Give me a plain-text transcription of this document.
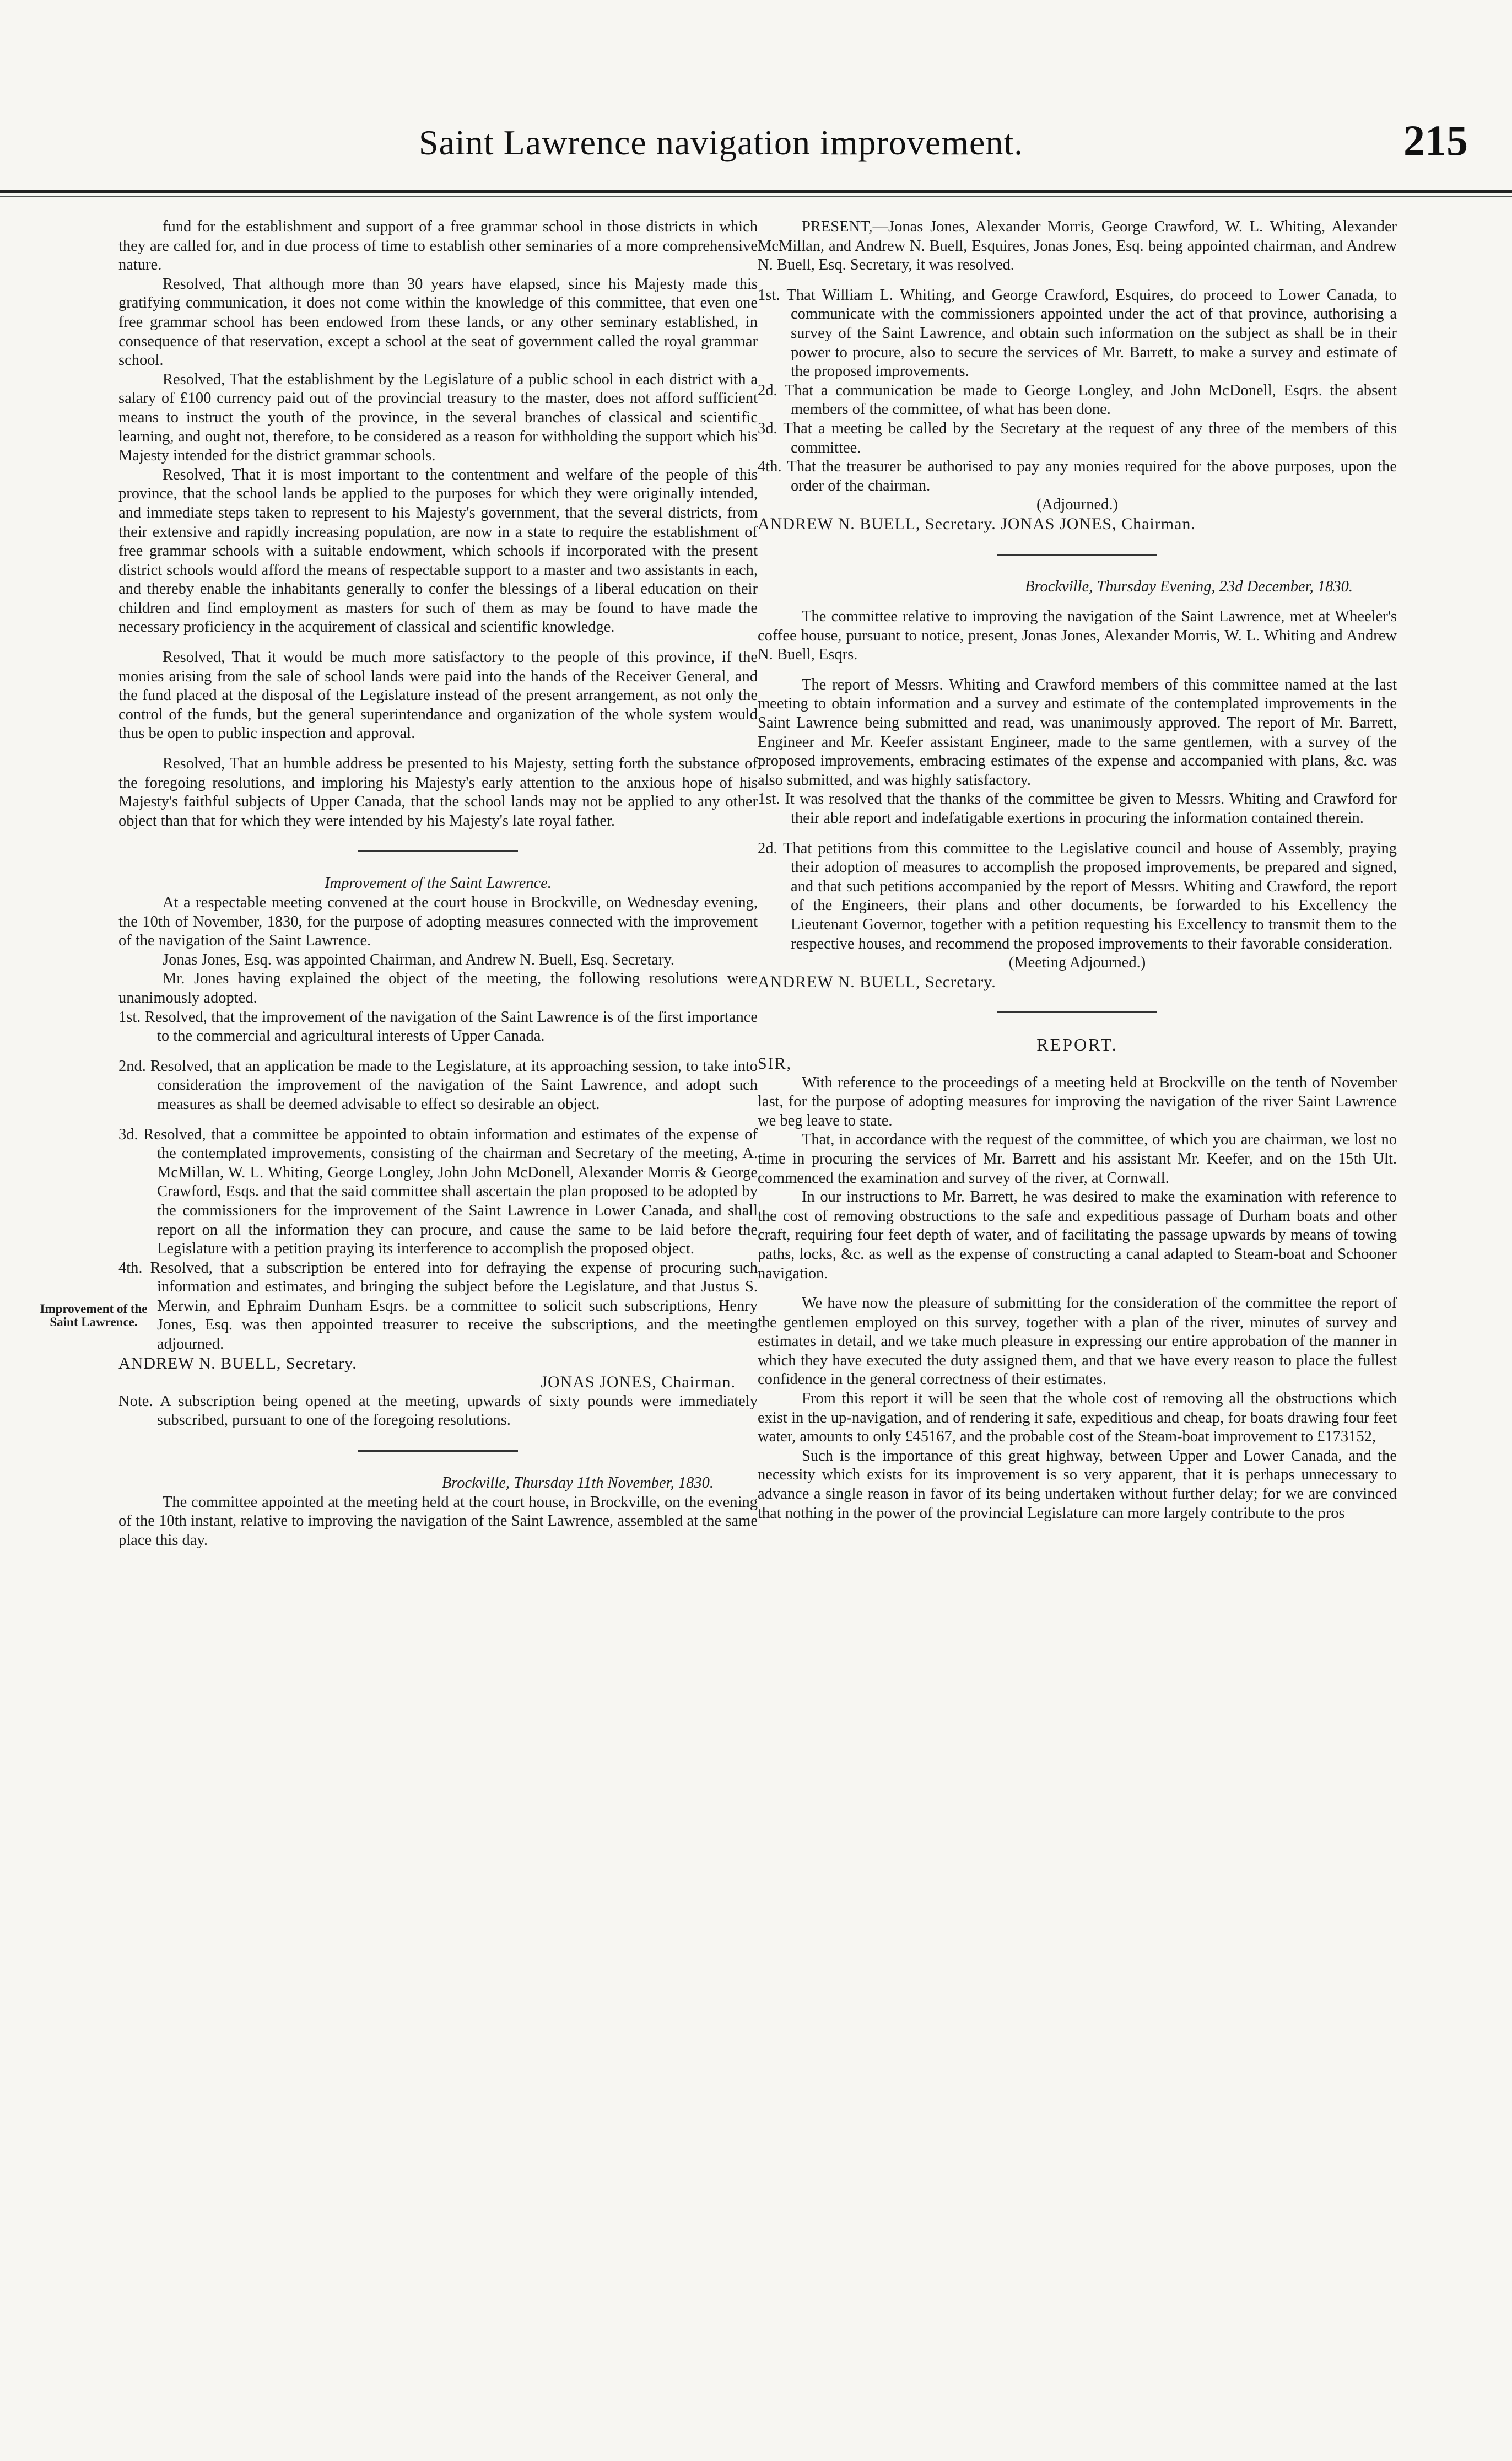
Saint Lawrence navigation improvement.	215
Improvement of the Saint Lawrence.

fund for the establishment and support of a free grammar school in those districts in which they are called for, and in due process of time to establish other seminaries of a more comprehensive nature.

Resolved, That although more than 30 years have elapsed, since his Majesty made this gratifying communication, it does not come within the knowledge of this committee, that even one free grammar school has been endowed from these lands, or any other seminary established, in consequence of that reservation, except a school at the seat of government called the royal grammar school.

Resolved, That the establishment by the Legislature of a public school in each district with a salary of £100 currency paid out of the provincial treasury to the master, does not afford sufficient means to instruct the youth of the province, in the several branches of classical and scientific learning, and ought not, therefore, to be considered as a reason for withholding the support which his Majesty intended for the district grammar schools.

Resolved, That it is most important to the contentment and welfare of the people of this province, that the school lands be applied to the purposes for which they were originally intended, and immediate steps taken to represent to his Majesty's government, that the several districts, from their extensive and rapidly increasing population, are now in a state to require the establishment of free grammar schools with a suitable endowment, which schools if incorporated with the present district schools would afford the means of respectable support to a master and two assistants in each, and thereby enable the inhabitants generally to confer the blessings of a liberal education on their children and find employment as masters for such of them as may be found to have made the necessary proficiency in the acquirement of classical and scientific knowledge.

Resolved, That it would be much more satisfactory to the people of this province, if the monies arising from the sale of school lands were paid into the hands of the Receiver General, and the fund placed at the disposal of the Legislature instead of the present arrangement, as not only the control of the funds, but the general superintendance and organization of the whole system would thus be open to public inspection and approval.

Resolved, That an humble address be presented to his Majesty, setting forth the substance of the foregoing resolutions, and imploring his Majesty's early attention to the anxious hope of his Majesty's faithful subjects of Upper Canada, that the school lands may not be applied to any other object than that for which they were intended by his Majesty's late royal father.

Improvement of the Saint Lawrence.

At a respectable meeting convened at the court house in Brockville, on Wednesday evening, the 10th of November, 1830, for the purpose of adopting measures connected with the improvement of the navigation of the Saint Lawrence.

Jonas Jones, Esq. was appointed Chairman, and Andrew N. Buell, Esq. Secretary.

Mr. Jones having explained the object of the meeting, the following resolutions were unanimously adopted.

1st. Resolved, that the improvement of the navigation of the Saint Lawrence is of the first importance to the commercial and agricultural interests of Upper Canada.

2nd. Resolved, that an application be made to the Legislature, at its approaching session, to take into consideration the improvement of the navigation of the Saint Lawrence, and adopt such measures as shall be deemed advisable to effect so desirable an object.

3d. Resolved, that a committee be appointed to obtain information and estimates of the expense of the contemplated improvements, consisting of the chairman and Secretary of the meeting, A. McMillan, W. L. Whiting, George Longley, John John McDonell, Alexander Morris & George Crawford, Esqs. and that the said committee shall ascertain the plan proposed to be adopted by the commissioners for the improvement of the Saint Lawrence in Lower Canada, and shall report on all the information they can procure, and cause the same to be laid before the Legislature with a petition praying its interference to accomplish the proposed object.

4th. Resolved, that a subscription be entered into for defraying the expense of procuring such information and estimates, and bringing the subject before the Legislature, and that Justus S. Merwin, and Ephraim Dunham Esqrs. be a committee to solicit such subscriptions, Henry Jones, Esq. was then appointed treasurer to receive the subscriptions, and the meeting adjourned.

ANDREW N. BUELL, Secretary.

JONAS JONES, Chairman.

Note. A subscription being opened at the meeting, upwards of sixty pounds were immediately subscribed, pursuant to one of the foregoing resolutions.

Brockville, Thursday 11th November, 1830.

The committee appointed at the meeting held at the court house, in Brockville, on the evening of the 10th instant, relative to improving the navigation of the Saint Lawrence, assembled at the same place this day.

PRESENT,—Jonas Jones, Alexander Morris, George Crawford, W. L. Whiting, Alexander McMillan, and Andrew N. Buell, Esquires, Jonas Jones, Esq. being appointed chairman, and Andrew N. Buell, Esq. Secretary, it was resolved.

1st. That William L. Whiting, and George Crawford, Esquires, do proceed to Lower Canada, to communicate with the commissioners appointed under the act of that province, authorising a survey of the Saint Lawrence, and obtain such information on the subject as shall be in their power to procure, also to secure the services of Mr. Barrett, to make a survey and estimate of the proposed improvements.

2d. That a communication be made to George Longley, and John McDonell, Esqrs. the absent members of the committee, of what has been done.

3d. That a meeting be called by the Secretary at the request of any three of the members of this committee.

4th. That the treasurer be authorised to pay any monies required for the above purposes, upon the order of the chairman.

(Adjourned.)

ANDREW N. BUELL, Secretary. JONAS JONES, Chairman.

Brockville, Thursday Evening, 23d December, 1830.

The committee relative to improving the navigation of the Saint Lawrence, met at Wheeler's coffee house, pursuant to notice, present, Jonas Jones, Alexander Morris, W. L. Whiting and Andrew N. Buell, Esqrs.

The report of Messrs. Whiting and Crawford members of this committee named at the last meeting to obtain information and a survey and estimate of the contemplated improvements in the Saint Lawrence being submitted and read, was unanimously approved. The report of Mr. Barrett, Engineer and Mr. Keefer assistant Engineer, made to the same gentlemen, with a survey of the proposed improvements, embracing estimates of the expense and accompanied with plans, &c. was also submitted, and was highly satisfactory.

1st. It was resolved that the thanks of the committee be given to Messrs. Whiting and Crawford for their able report and indefatigable exertions in procuring the information contained therein.

2d. That petitions from this committee to the Legislative council and house of Assembly, praying their adoption of measures to accomplish the proposed improvements, be prepared and signed, and that such petitions accompanied by the report of Messrs. Whiting and Crawford, the report of the Engineers, their plans and other documents, be forwarded to his Excellency the Lieutenant Governor, together with a petition requesting his Excellency to transmit them to the respective houses, and recommend the proposed improvements to their favorable consideration.

(Meeting Adjourned.)

ANDREW N. BUELL, Secretary.

REPORT.

SIR,

With reference to the proceedings of a meeting held at Brockville on the tenth of November last, for the purpose of adopting measures for improving the navigation of the river Saint Lawrence we beg leave to state.

That, in accordance with the request of the committee, of which you are chairman, we lost no time in procuring the services of Mr. Barrett and his assistant Mr. Keefer, and on the 15th Ult. commenced the examination and survey of the river, at Cornwall.

In our instructions to Mr. Barrett, he was desired to make the examination with reference to the cost of removing obstructions to the safe and expeditious passage of Durham boats and other craft, requiring four feet depth of water, and of facilitating the passage upwards by means of towing paths, locks, &c. as well as the expense of constructing a canal adapted to Steam-boat and Schooner navigation.

We have now the pleasure of submitting for the consideration of the committee the report of the gentlemen employed on this survey, together with a plan of the river, minutes of survey and estimates in detail, and we take much pleasure in expressing our entire approbation of the manner in which they have executed the duty assigned them, and that we have every reason to place the fullest confidence in the general correctness of their estimates.

From this report it will be seen that the whole cost of removing all the obstructions which exist in the up-navigation, and of rendering it safe, expeditious and cheap, for boats drawing four feet water, amounts to only £45167, and the probable cost of the Steam-boat improvement to £173152,

Such is the importance of this great highway, between Upper and Lower Canada, and the necessity which exists for its improvement is so very apparent, that it is perhaps unnecessary to advance a single reason in favor of its being undertaken without further delay; for we are convinced that nothing in the power of the provincial Legislature can more largely contribute to the pros
